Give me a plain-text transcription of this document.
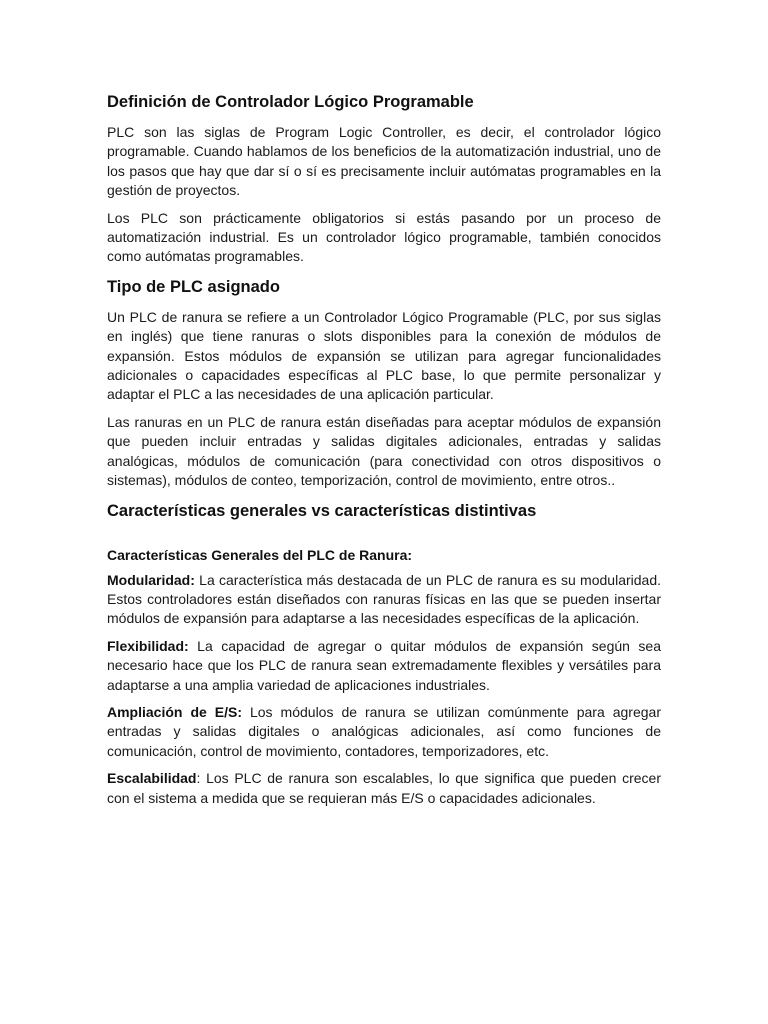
Definición de Controlador Lógico Programable

PLC son las siglas de Program Logic Controller, es decir, el controlador lógico programable. Cuando hablamos de los beneficios de la automatización industrial, uno de los pasos que hay que dar sí o sí es precisamente incluir autómatas programables en la gestión de proyectos.

Los PLC son prácticamente obligatorios si estás pasando por un proceso de automatización industrial. Es un controlador lógico programable, también conocidos como autómatas programables.

Tipo de PLC asignado

Un PLC de ranura se refiere a un Controlador Lógico Programable (PLC, por sus siglas en inglés) que tiene ranuras o slots disponibles para la conexión de módulos de expansión. Estos módulos de expansión se utilizan para agregar funcionalidades adicionales o capacidades específicas al PLC base, lo que permite personalizar y adaptar el PLC a las necesidades de una aplicación particular.

Las ranuras en un PLC de ranura están diseñadas para aceptar módulos de expansión que pueden incluir entradas y salidas digitales adicionales, entradas y salidas analógicas, módulos de comunicación (para conectividad con otros dispositivos o sistemas), módulos de conteo, temporización, control de movimiento, entre otros..

Características generales vs características distintivas
Características Generales del PLC de Ranura:

Modularidad: La característica más destacada de un PLC de ranura es su modularidad. Estos controladores están diseñados con ranuras físicas en las que se pueden insertar módulos de expansión para adaptarse a las necesidades específicas de la aplicación.

Flexibilidad: La capacidad de agregar o quitar módulos de expansión según sea necesario hace que los PLC de ranura sean extremadamente flexibles y versátiles para adaptarse a una amplia variedad de aplicaciones industriales.

Ampliación de E/S: Los módulos de ranura se utilizan comúnmente para agregar entradas y salidas digitales o analógicas adicionales, así como funciones de comunicación, control de movimiento, contadores, temporizadores, etc.

Escalabilidad: Los PLC de ranura son escalables, lo que significa que pueden crecer con el sistema a medida que se requieran más E/S o capacidades adicionales.
